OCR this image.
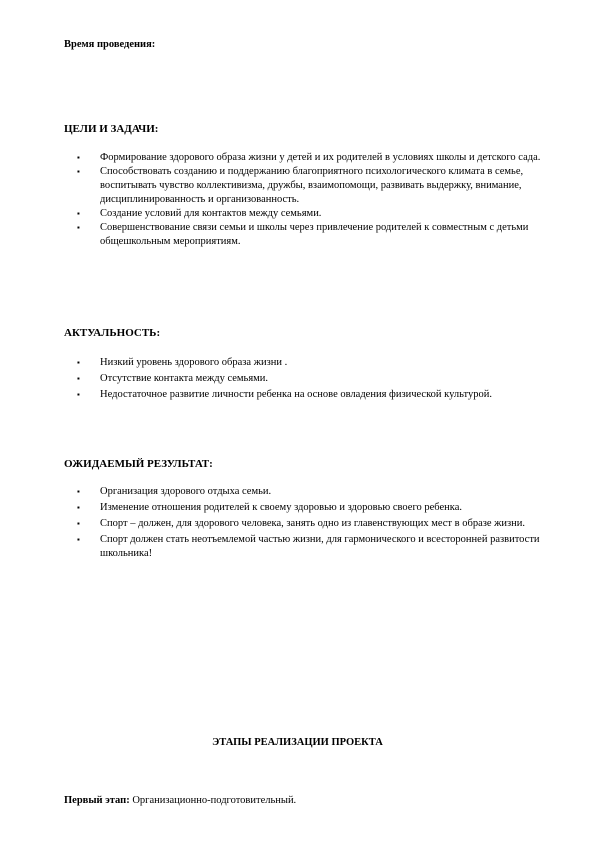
Время проведения:
ЦЕЛИ И ЗАДАЧИ:
▪ Формирование здорового образа жизни у детей и их родителей в условиях школы и детского сада.
▪ Способствовать созданию и поддержанию благоприятного психологического климата в семье, воспитывать чувство коллективизма, дружбы, взаимопомощи, развивать выдержку, внимание, дисциплинированность и организованность.
▪ Создание условий для контактов между семьями.
▪ Совершенствование связи семьи и школы через привлечение родителей к совместным с детьми общешкольным мероприятиям.
АКТУАЛЬНОСТЬ:
▪ Низкий уровень здорового образа жизни .
▪ Отсутствие контакта между семьями.
▪ Недостаточное развитие личности ребенка на основе овладения физической культурой.
ОЖИДАЕМЫЙ РЕЗУЛЬТАТ:
▪ Организация здорового отдыха семьи.
▪ Изменение отношения родителей к своему здоровью и здоровью своего ребенка.
▪ Спорт – должен, для здорового человека, занять одно из главенствующих мест в образе жизни.
▪ Спорт должен стать неотъемлемой частью жизни, для гармонического и всесторонней развитости школьника!
ЭТАПЫ РЕАЛИЗАЦИИ ПРОЕКТА
Первый этап: Организационно-подготовительный.
